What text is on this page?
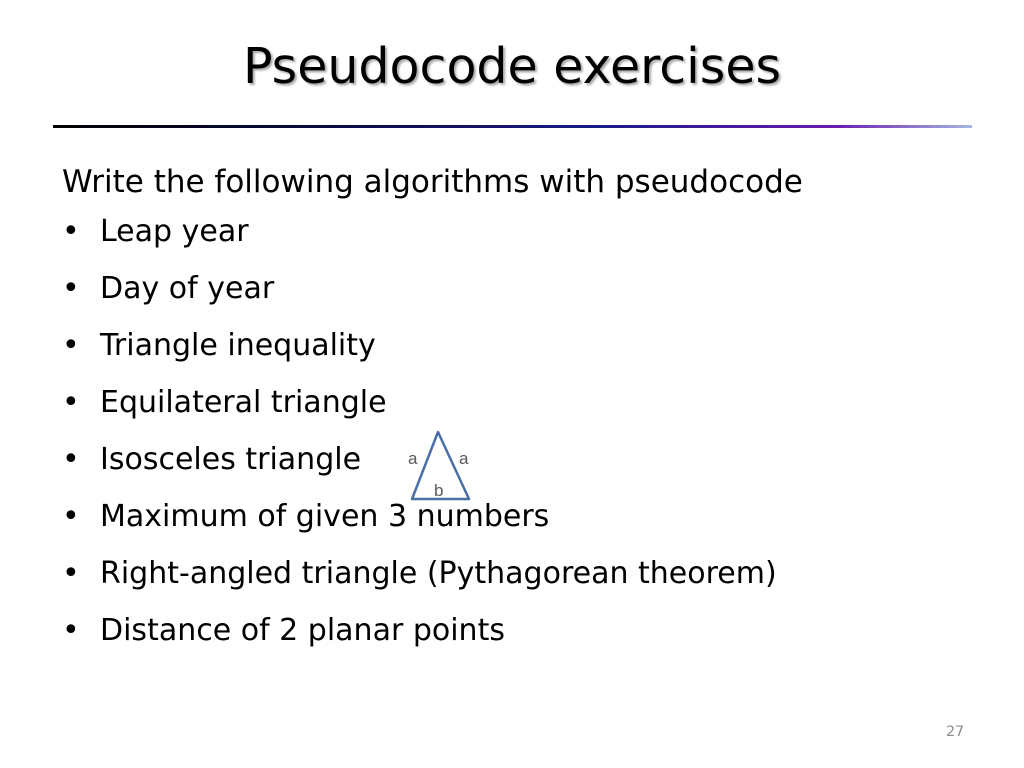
Pseudocode exercises
Write the following algorithms with pseudocode
• Leap year
• Day of year
• Triangle inequality
• Equilateral triangle
• Isosceles triangle
• Maximum of given 3 numbers
• Right-angled triangle (Pythagorean theorem)
• Distance of 2 planar points
a a
b
27
